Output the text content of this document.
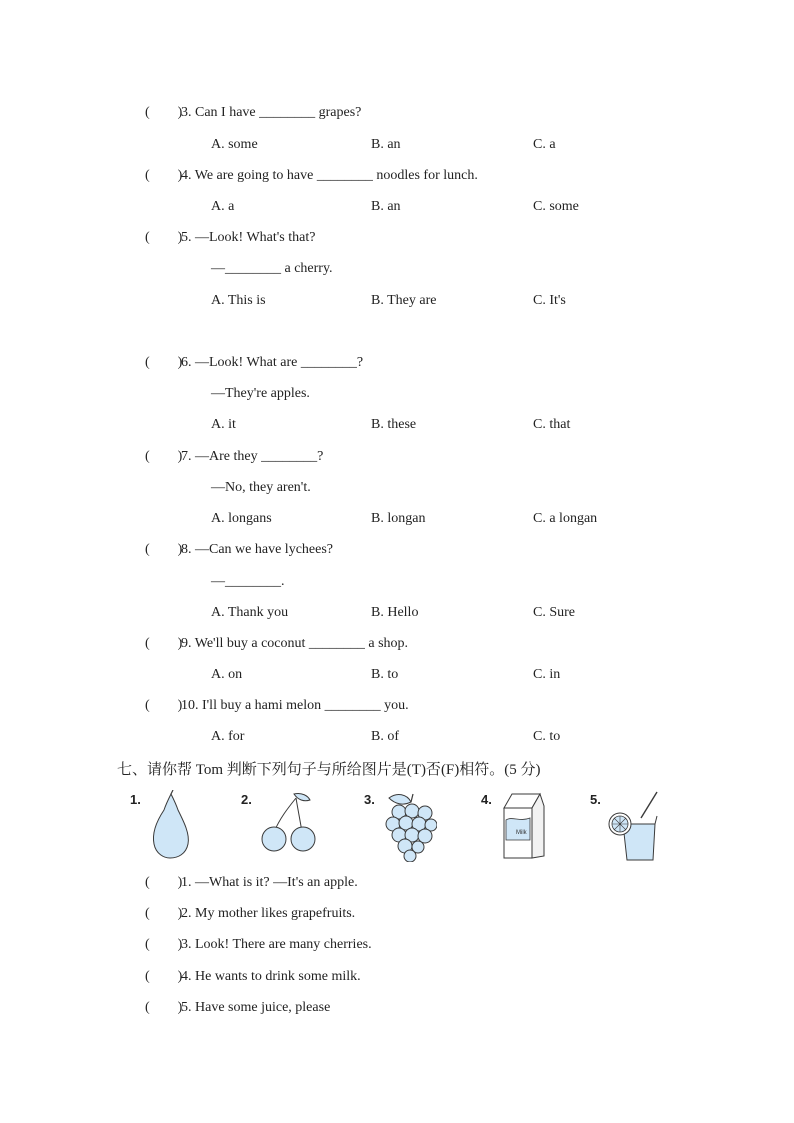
(　　)
3. Can I have ________ grapes?
A. some	B. an	C. a
(　　)
4. We are going to have ________ noodles for lunch.
A. a	B. an	C. some
(　　)
5. —Look! What's that?
—________ a cherry.
A. This is	B. They are	C. It's
(　　)
6. —Look! What are ________?
—They're apples.
A. it	B. these	C. that
(　　)
7. —Are they ________?
—No, they aren't.
A. longans	B. longan	C. a longan
(　　)
8. —Can we have lychees?
—________.
A. Thank you	B. Hello	C. Sure
(　　)
9. We'll buy a coconut ________ a shop.
A. on	B. to	C. in
(　　)
10. I'll buy a hami melon ________ you.
A. for	B. of	C. to
七、请你帮 Tom 判断下列句子与所给图片是(T)否(F)相符。(5 分)
1.	2.	3.	4.
Milk
5.
(　　)
1. —What is it? —It's an apple.
(　　)
2. My mother likes grapefruits.
(　　)
3. Look! There are many cherries.
(　　)
4. He wants to drink some milk.
(　　)
5. Have some juice, please
